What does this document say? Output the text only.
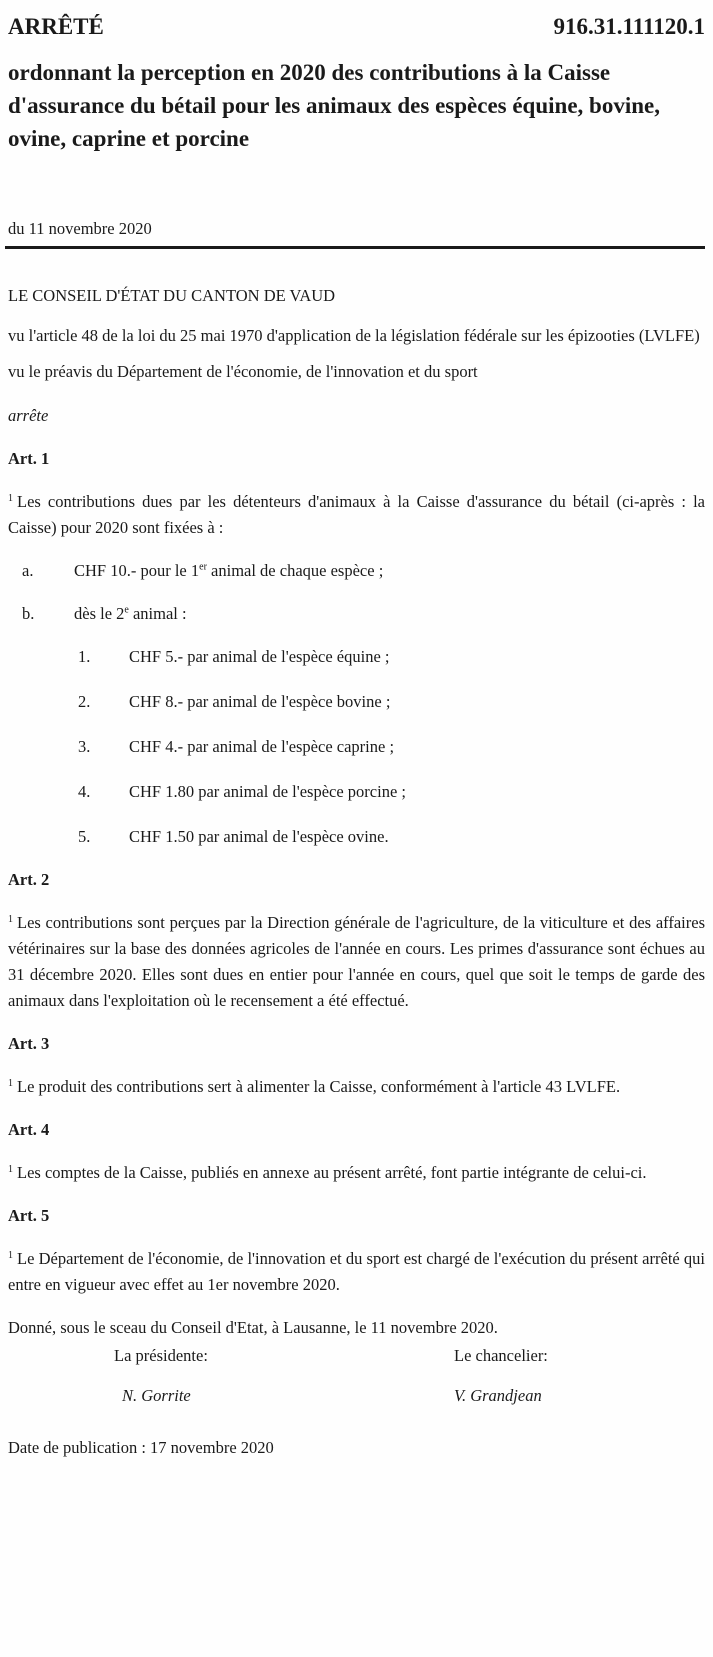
ARRÊTÉ	916.31.111120.1

ordonnant la perception en 2020 des contributions à la Caisse d'assurance du bétail pour les animaux des espèces équine, bovine, ovine, caprine et porcine

du 11 novembre 2020

LE CONSEIL D'ÉTAT DU CANTON DE VAUD

vu l'article 48 de la loi du 25 mai 1970 d'application de la législation fédérale sur les épizooties (LVLFE)

vu le préavis du Département de l'économie, de l'innovation et du sport

arrête

Art. 1

$^1$ Les contributions dues par les détenteurs d'animaux à la Caisse d'assurance du bétail (ci-après : la Caisse) pour 2020 sont fixées à :

a. CHF 10.- pour le 1er animal de chaque espèce ;
b. dès le 2e animal :
1. CHF 5.- par animal de l'espèce équine ;
2. CHF 8.- par animal de l'espèce bovine ;
3. CHF 4.- par animal de l'espèce caprine ;
4. CHF 1.80 par animal de l'espèce porcine ;
5. CHF 1.50 par animal de l'espèce ovine.

Art. 2

$^1$ Les contributions sont perçues par la Direction générale de l'agriculture, de la viticulture et des affaires vétérinaires sur la base des données agricoles de l'année en cours. Les primes d'assurance sont échues au 31 décembre 2020. Elles sont dues en entier pour l'année en cours, quel que soit le temps de garde des animaux dans l'exploitation où le recensement a été effectué.

Art. 3

$^1$ Le produit des contributions sert à alimenter la Caisse, conformément à l'article 43 LVLFE.

Art. 4

$^1$ Les comptes de la Caisse, publiés en annexe au présent arrêté, font partie intégrante de celui-ci.

Art. 5

$^1$ Le Département de l'économie, de l'innovation et du sport est chargé de l'exécution du présent arrêté qui entre en vigueur avec effet au 1er novembre 2020.

Donné, sous le sceau du Conseil d'Etat, à Lausanne, le 11 novembre 2020.

La présidente:	Le chancelier:
N. Gorrite	V. Grandjean

Date de publication : 17 novembre 2020
